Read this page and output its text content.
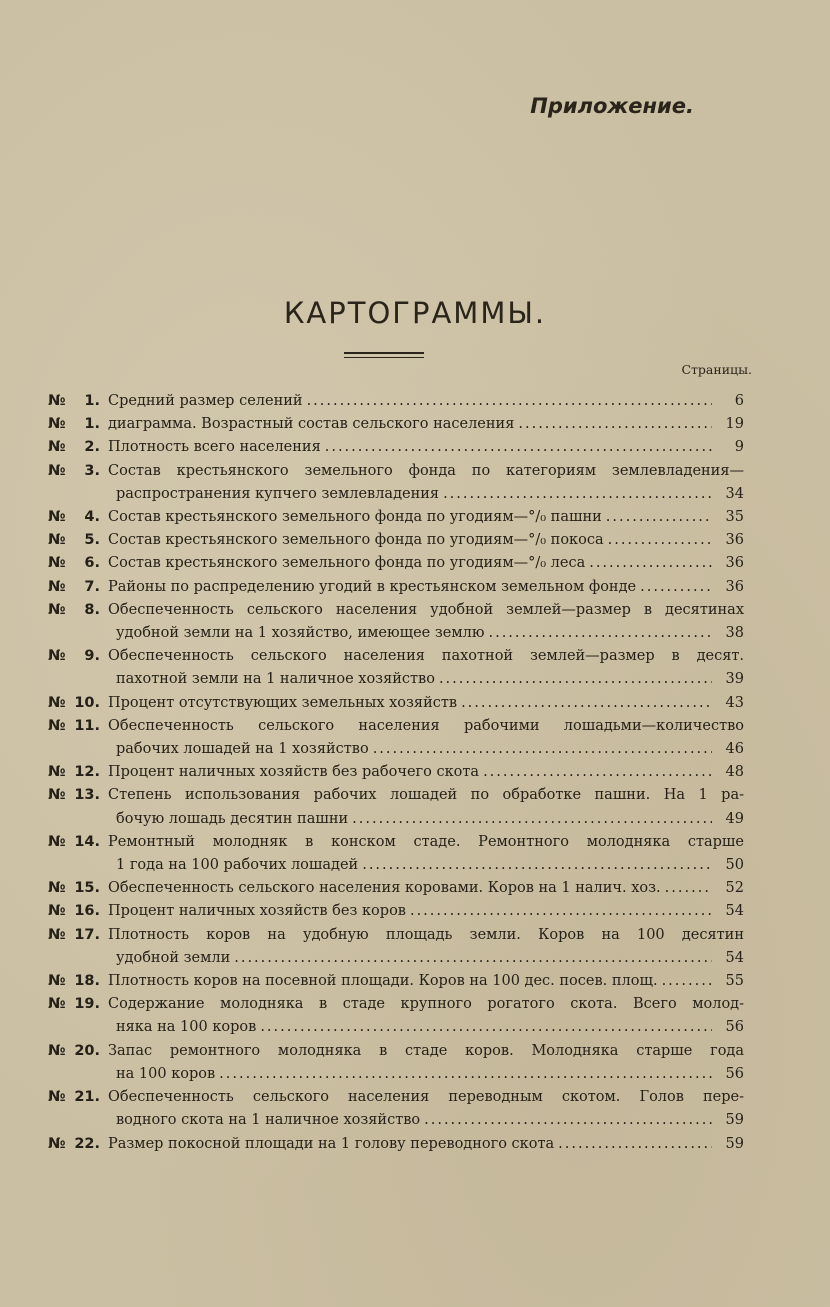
Приложение.
КАРТОГРАММЫ.
Страницы.
№ 1. Средний размер селений .....	6
№ 1. диаграмма. Возрастный состав сельского населения .....	19
№ 2. Плотность всего населения .....	9
№ 3. Состав крестьянского земельного фонда по категориям землевладения—
распространения купчего землевладения .....	34
№ 4. Состав крестьянского земельного фонда по угодиям—°/₀ пашни .....	35
№ 5. Состав крестьянского земельного фонда по угодиям—°/₀ покоса .....	36
№ 6. Состав крестьянского земельного фонда по угодиям—°/₀ леса .....	36
№ 7. Районы по распределению угодий в крестьянском земельном фонде .....	36
№ 8. Обеспеченность сельского населения удобной землей—размер в десятинах
удобной земли на 1 хозяйство, имеющее землю .....	38
№ 9. Обеспеченность сельского населения пахотной землей—размер в десят.
пахотной земли на 1 наличное хозяйство .....	39
№ 10. Процент отсутствующих земельных хозяйств .....	43
№ 11. Обеспеченность сельского населения рабочими лошадьми—количество
рабочих лошадей на 1 хозяйство .....	46
№ 12. Процент наличных хозяйств без рабочего скота .....	48
№ 13. Степень использования рабочих лошадей по обработке пашни. На 1 ра-
бочую лошадь десятин пашни .....	49
№ 14. Ремонтный молодняк в конском стаде. Ремонтного молодняка старше
1 года на 100 рабочих лошадей .....	50
№ 15. Обеспеченность сельского населения коровами. Коров на 1 налич. хоз. .....	52
№ 16. Процент наличных хозяйств без коров .....	54
№ 17. Плотность коров на удобную площадь земли. Коров на 100 десятин
удобной земли .....	54
№ 18. Плотность коров на посевной площади. Коров на 100 дес. посев. площ. .....	55
№ 19. Содержание молодняка в стаде крупного рогатого скота. Всего молод-
няка на 100 коров .....	56
№ 20. Запас ремонтного молодняка в стаде коров. Молодняка старше года
на 100 коров .....	56
№ 21. Обеспеченность сельского населения переводным скотом. Голов пере-
водного скота на 1 наличное хозяйство .....	59
№ 22. Размер покосной площади на 1 голову переводного скота .....	59
